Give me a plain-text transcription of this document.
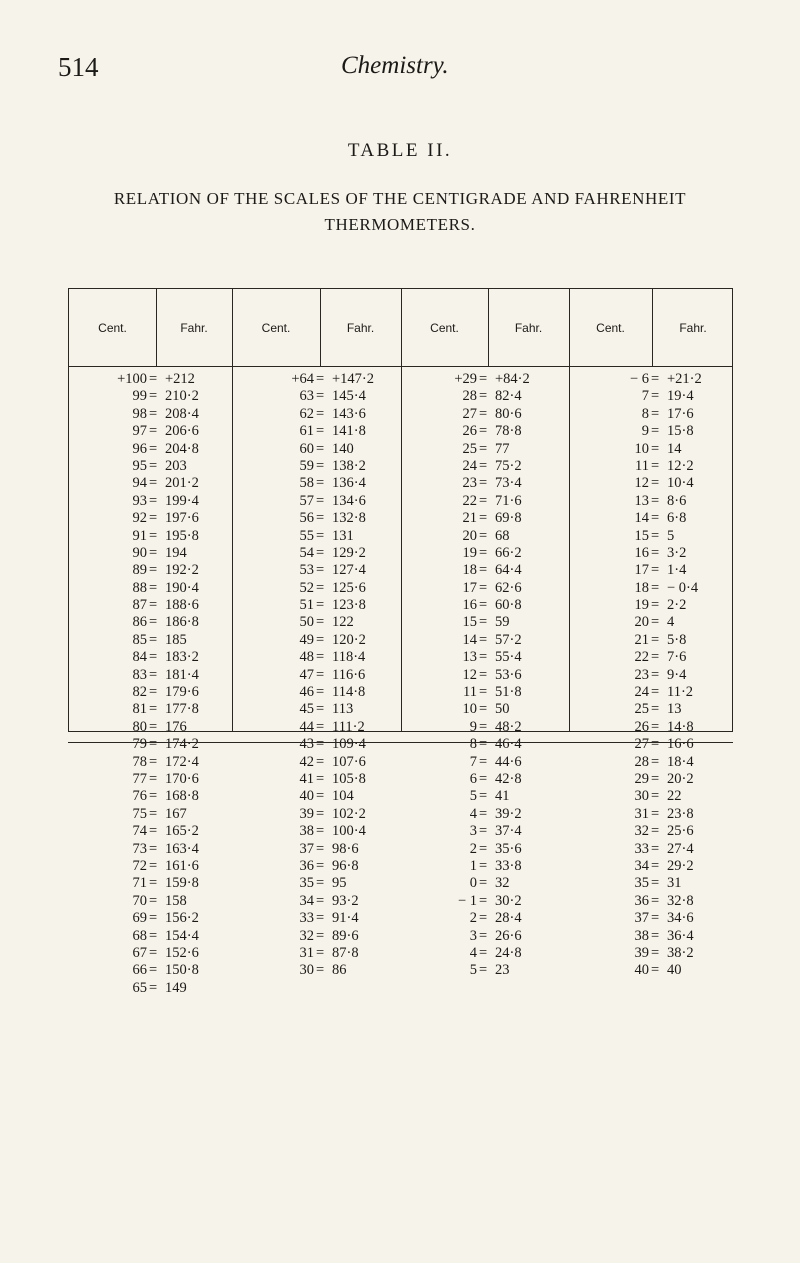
514	Chemistry.
TABLE II.
RELATION OF THE SCALES OF THE CENTIGRADE AND FAHRENHEIT THERMOMETERS.
Cent.	Fahr.
+100 = +212
99 = 210·2
98 = 208·4
97 = 206·6
96 = 204·8
95 = 203
94 = 201·2
93 = 199·4
92 = 197·6
91 = 195·8
90 = 194
89 = 192·2
88 = 190·4
87 = 188·6
86 = 186·8
85 = 185
84 = 183·2
83 = 181·4
82 = 179·6
81 = 177·8
80 = 176
79 = 174·2
78 = 172·4
77 = 170·6
76 = 168·8
75 = 167
74 = 165·2
73 = 163·4
72 = 161·6
71 = 159·8
70 = 158
69 = 156·2
68 = 154·4
67 = 152·6
66 = 150·8
65 = 149
Cent.	Fahr.
+64 = +147·2
63 = 145·4
62 = 143·6
61 = 141·8
60 = 140
59 = 138·2
58 = 136·4
57 = 134·6
56 = 132·8
55 = 131
54 = 129·2
53 = 127·4
52 = 125·6
51 = 123·8
50 = 122
49 = 120·2
48 = 118·4
47 = 116·6
46 = 114·8
45 = 113
44 = 111·2
43 = 109·4
42 = 107·6
41 = 105·8
40 = 104
39 = 102·2
38 = 100·4
37 = 98·6
36 = 96·8
35 = 95
34 = 93·2
33 = 91·4
32 = 89·6
31 = 87·8
30 = 86
Cent.	Fahr.
+29 = +84·2
28 = 82·4
27 = 80·6
26 = 78·8
25 = 77
24 = 75·2
23 = 73·4
22 = 71·6
21 = 69·8
20 = 68
19 = 66·2
18 = 64·4
17 = 62·6
16 = 60·8
15 = 59
14 = 57·2
13 = 55·4
12 = 53·6
11 = 51·8
10 = 50
9 = 48·2
8 = 46·4
7 = 44·6
6 = 42·8
5 = 41
4 = 39·2
3 = 37·4
2 = 35·6
1 = 33·8
0 = 32
− 1 = 30·2
2 = 28·4
3 = 26·6
4 = 24·8
5 = 23
Cent.	Fahr.
− 6 = +21·2
7 = 19·4
8 = 17·6
9 = 15·8
10 = 14
11 = 12·2
12 = 10·4
13 = 8·6
14 = 6·8
15 = 5
16 = 3·2
17 = 1·4
18 = − 0·4
19 = 2·2
20 = 4
21 = 5·8
22 = 7·6
23 = 9·4
24 = 11·2
25 = 13
26 = 14·8
27 = 16·6
28 = 18·4
29 = 20·2
30 = 22
31 = 23·8
32 = 25·6
33 = 27·4
34 = 29·2
35 = 31
36 = 32·8
37 = 34·6
38 = 36·4
39 = 38·2
40 = 40
